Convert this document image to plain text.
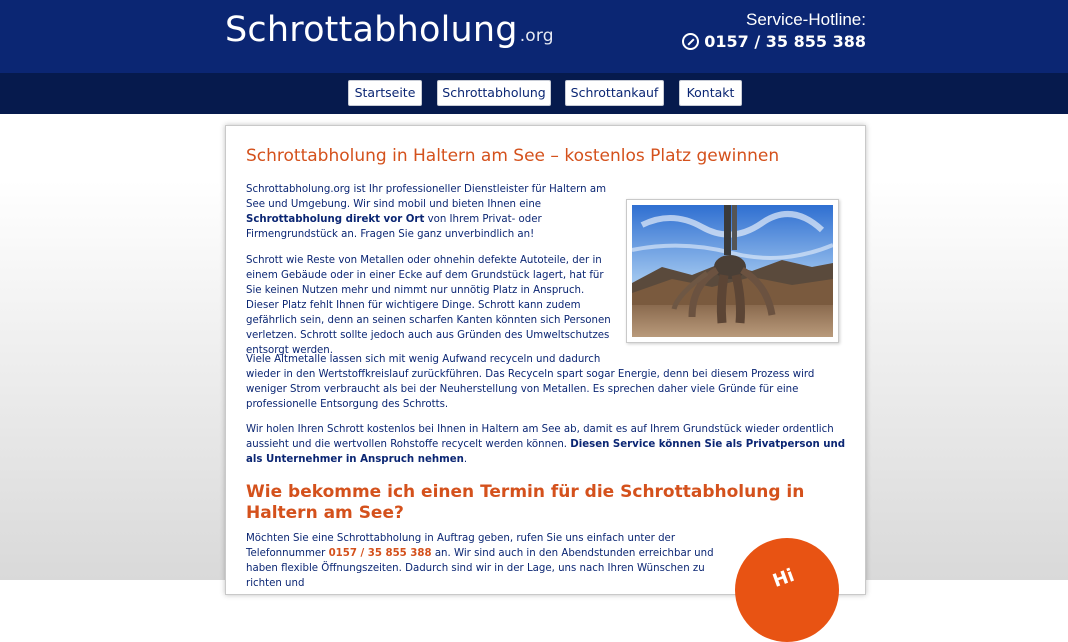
Schrottabholung .org
Service-Hotline:
0157 / 35 855 388
Startseite	Schrottabholung	Schrottankauf	Kontakt
Schrottabholung in Haltern am See – kostenlos Platz gewinnen

Schrottabholung.org ist Ihr professioneller Dienstleister für Haltern am See und Umgebung. Wir sind mobil und bieten Ihnen eine Schrottabholung direkt vor Ort von Ihrem Privat- oder Firmengrundstück an. Fragen Sie ganz unverbindlich an!

Schrott wie Reste von Metallen oder ohnehin defekte Autoteile, der in einem Gebäude oder in einer Ecke auf dem Grundstück lagert, hat für Sie keinen Nutzen mehr und nimmt nur unnötig Platz in Anspruch. Dieser Platz fehlt Ihnen für wichtigere Dinge. Schrott kann zudem gefährlich sein, denn an seinen scharfen Kanten könnten sich Personen verletzen. Schrott sollte jedoch auch aus Gründen des Umweltschutzes entsorgt werden.

Viele Altmetalle lassen sich mit wenig Aufwand recyceln und dadurch
wieder in den Wertstoffkreislauf zurückführen. Das Recyceln spart sogar Energie, denn bei diesem Prozess wird weniger Strom verbraucht als bei der Neuherstellung von Metallen. Es sprechen daher viele Gründe für eine professionelle Entsorgung des Schrotts.

Wir holen Ihren Schrott kostenlos bei Ihnen in Haltern am See ab, damit es auf Ihrem Grundstück wieder ordentlich aussieht und die wertvollen Rohstoffe recycelt werden können. Diesen Service können Sie als Privatperson und als Unternehmer in Anspruch nehmen.

Wie bekomme ich einen Termin für die Schrottabholung in Haltern am See?

Möchten Sie eine Schrottabholung in Auftrag geben, rufen Sie uns einfach unter der Telefonnummer 0157 / 35 855 388 an. Wir sind auch in den Abendstunden erreichbar und haben flexible Öffnungszeiten. Dadurch sind wir in der Lage, uns nach Ihren Wünschen zu richten und	Hi
